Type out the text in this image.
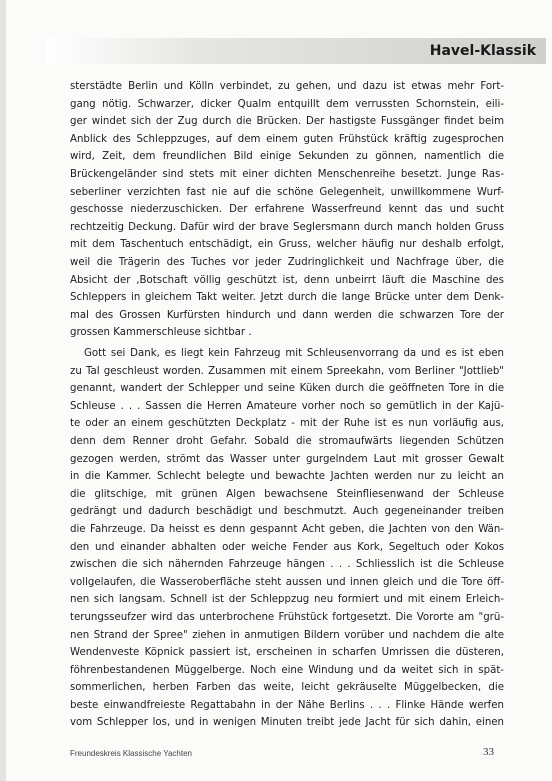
Havel-Klassik
sterstädte Berlin und Kölln verbindet, zu gehen, und dazu ist etwas mehr Fort-
gang nötig. Schwarzer, dicker Qualm entquillt dem verrussten Schornstein, eili-
ger windet sich der Zug durch die Brücken. Der hastigste Fussgänger findet beim
Anblick des Schleppzuges, auf dem einem guten Frühstück kräftig zugesprochen
wird, Zeit, dem freundlichen Bild einige Sekunden zu gönnen, namentlich die
Brückengeländer sind stets mit einer dichten Menschenreihe besetzt. Junge Ras-
seberliner verzichten fast nie auf die schöne Gelegenheit, unwillkommene Wurf-
geschosse niederzuschicken. Der erfahrene Wasserfreund kennt das und sucht
rechtzeitig Deckung. Dafür wird der brave Seglersmann durch manch holden Gruss
mit dem Taschentuch entschädigt, ein Gruss, welcher häufig nur deshalb erfolgt,
weil die Trägerin des Tuches vor jeder Zudringlichkeit und Nachfrage über, die
Absicht der ‚Botschaft völlig geschützt ist, denn unbeirrt läuft die Maschine des
Schleppers in gleichem Takt weiter. Jetzt durch die lange Brücke unter dem Denk-
mal des Grossen Kurfürsten hindurch und dann werden die schwarzen Tore der
grossen Kammerschleuse sichtbar .
Gott sei Dank, es liegt kein Fahrzeug mit Schleusenvorrang da und es ist eben
zu Tal geschleust worden. Zusammen mit einem Spreekahn, vom Berliner "Jottlieb"
genannt, wandert der Schlepper und seine Küken durch die geöffneten Tore in die
Schleuse . . . Sassen die Herren Amateure vorher noch so gemütlich in der Kajü-
te oder an einem geschützten Deckplatz - mit der Ruhe ist es nun vorläufig aus,
denn dem Renner droht Gefahr. Sobald die stromaufwärts liegenden Schützen
gezogen werden, strömt das Wasser unter gurgelndem Laut mit grosser Gewalt
in die Kammer. Schlecht belegte und bewachte Jachten werden nur zu leicht an
die glitschige, mit grünen Algen bewachsene Steinfliesenwand der Schleuse
gedrängt und dadurch beschädigt und beschmutzt. Auch gegeneinander treiben
die Fahrzeuge. Da heisst es denn gespannt Acht geben, die Jachten von den Wän-
den und einander abhalten oder weiche Fender aus Kork, Segeltuch oder Kokos
zwischen die sich nähernden Fahrzeuge hängen . . . Schliesslich ist die Schleuse
vollgelaufen, die Wasseroberfläche steht aussen und innen gleich und die Tore öff-
nen sich langsam. Schnell ist der Schleppzug neu formiert und mit einem Erleich-
terungsseufzer wird das unterbrochene Frühstück fortgesetzt. Die Vororte am "grü-
nen Strand der Spree" ziehen in anmutigen Bildern vorüber und nachdem die alte
Wendenveste Köpnick passiert ist, erscheinen in scharfen Umrissen die düsteren,
föhrenbestandenen Müggelberge. Noch eine Windung und da weitet sich in spät-
sommerlichen, herben Farben das weite, leicht gekräuselte Müggelbecken, die
beste einwandfreieste Regattabahn in der Nähe Berlins . . . Flinke Hände werfen
vom Schlepper los, und in wenigen Minuten treibt jede Jacht für sich dahin, einen
Freundeskreis Klassische Yachten	33
